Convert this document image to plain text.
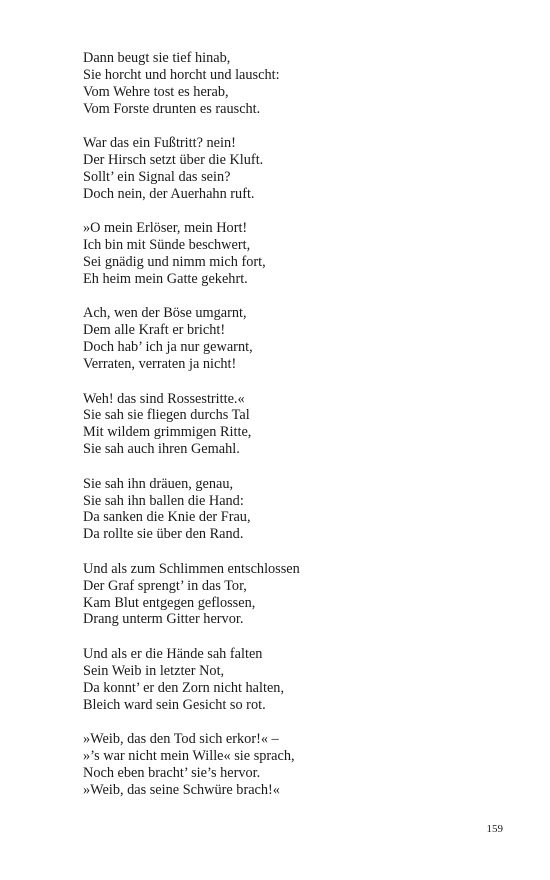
Dann beugt sie tief hinab,
Sie horcht und horcht und lauscht:
Vom Wehre tost es herab,
Vom Forste drunten es rauscht.
War das ein Fußtritt? nein!
Der Hirsch setzt über die Kluft.
Sollt’ ein Signal das sein?
Doch nein, der Auerhahn ruft.
»O mein Erlöser, mein Hort!
Ich bin mit Sünde beschwert,
Sei gnädig und nimm mich fort,
Eh heim mein Gatte gekehrt.
Ach, wen der Böse umgarnt,
Dem alle Kraft er bricht!
Doch hab’ ich ja nur gewarnt,
Verraten, verraten ja nicht!
Weh! das sind Rossestritte.«
Sie sah sie fliegen durchs Tal
Mit wildem grimmigen Ritte,
Sie sah auch ihren Gemahl.
Sie sah ihn dräuen, genau,
Sie sah ihn ballen die Hand:
Da sanken die Knie der Frau,
Da rollte sie über den Rand.
Und als zum Schlimmen entschlossen
Der Graf sprengt’ in das Tor,
Kam Blut entgegen geflossen,
Drang unterm Gitter hervor.
Und als er die Hände sah falten
Sein Weib in letzter Not,
Da konnt’ er den Zorn nicht halten,
Bleich ward sein Gesicht so rot.
»Weib, das den Tod sich erkor!« –
»’s war nicht mein Wille« sie sprach,
Noch eben bracht’ sie’s hervor.
»Weib, das seine Schwüre brach!«
159
